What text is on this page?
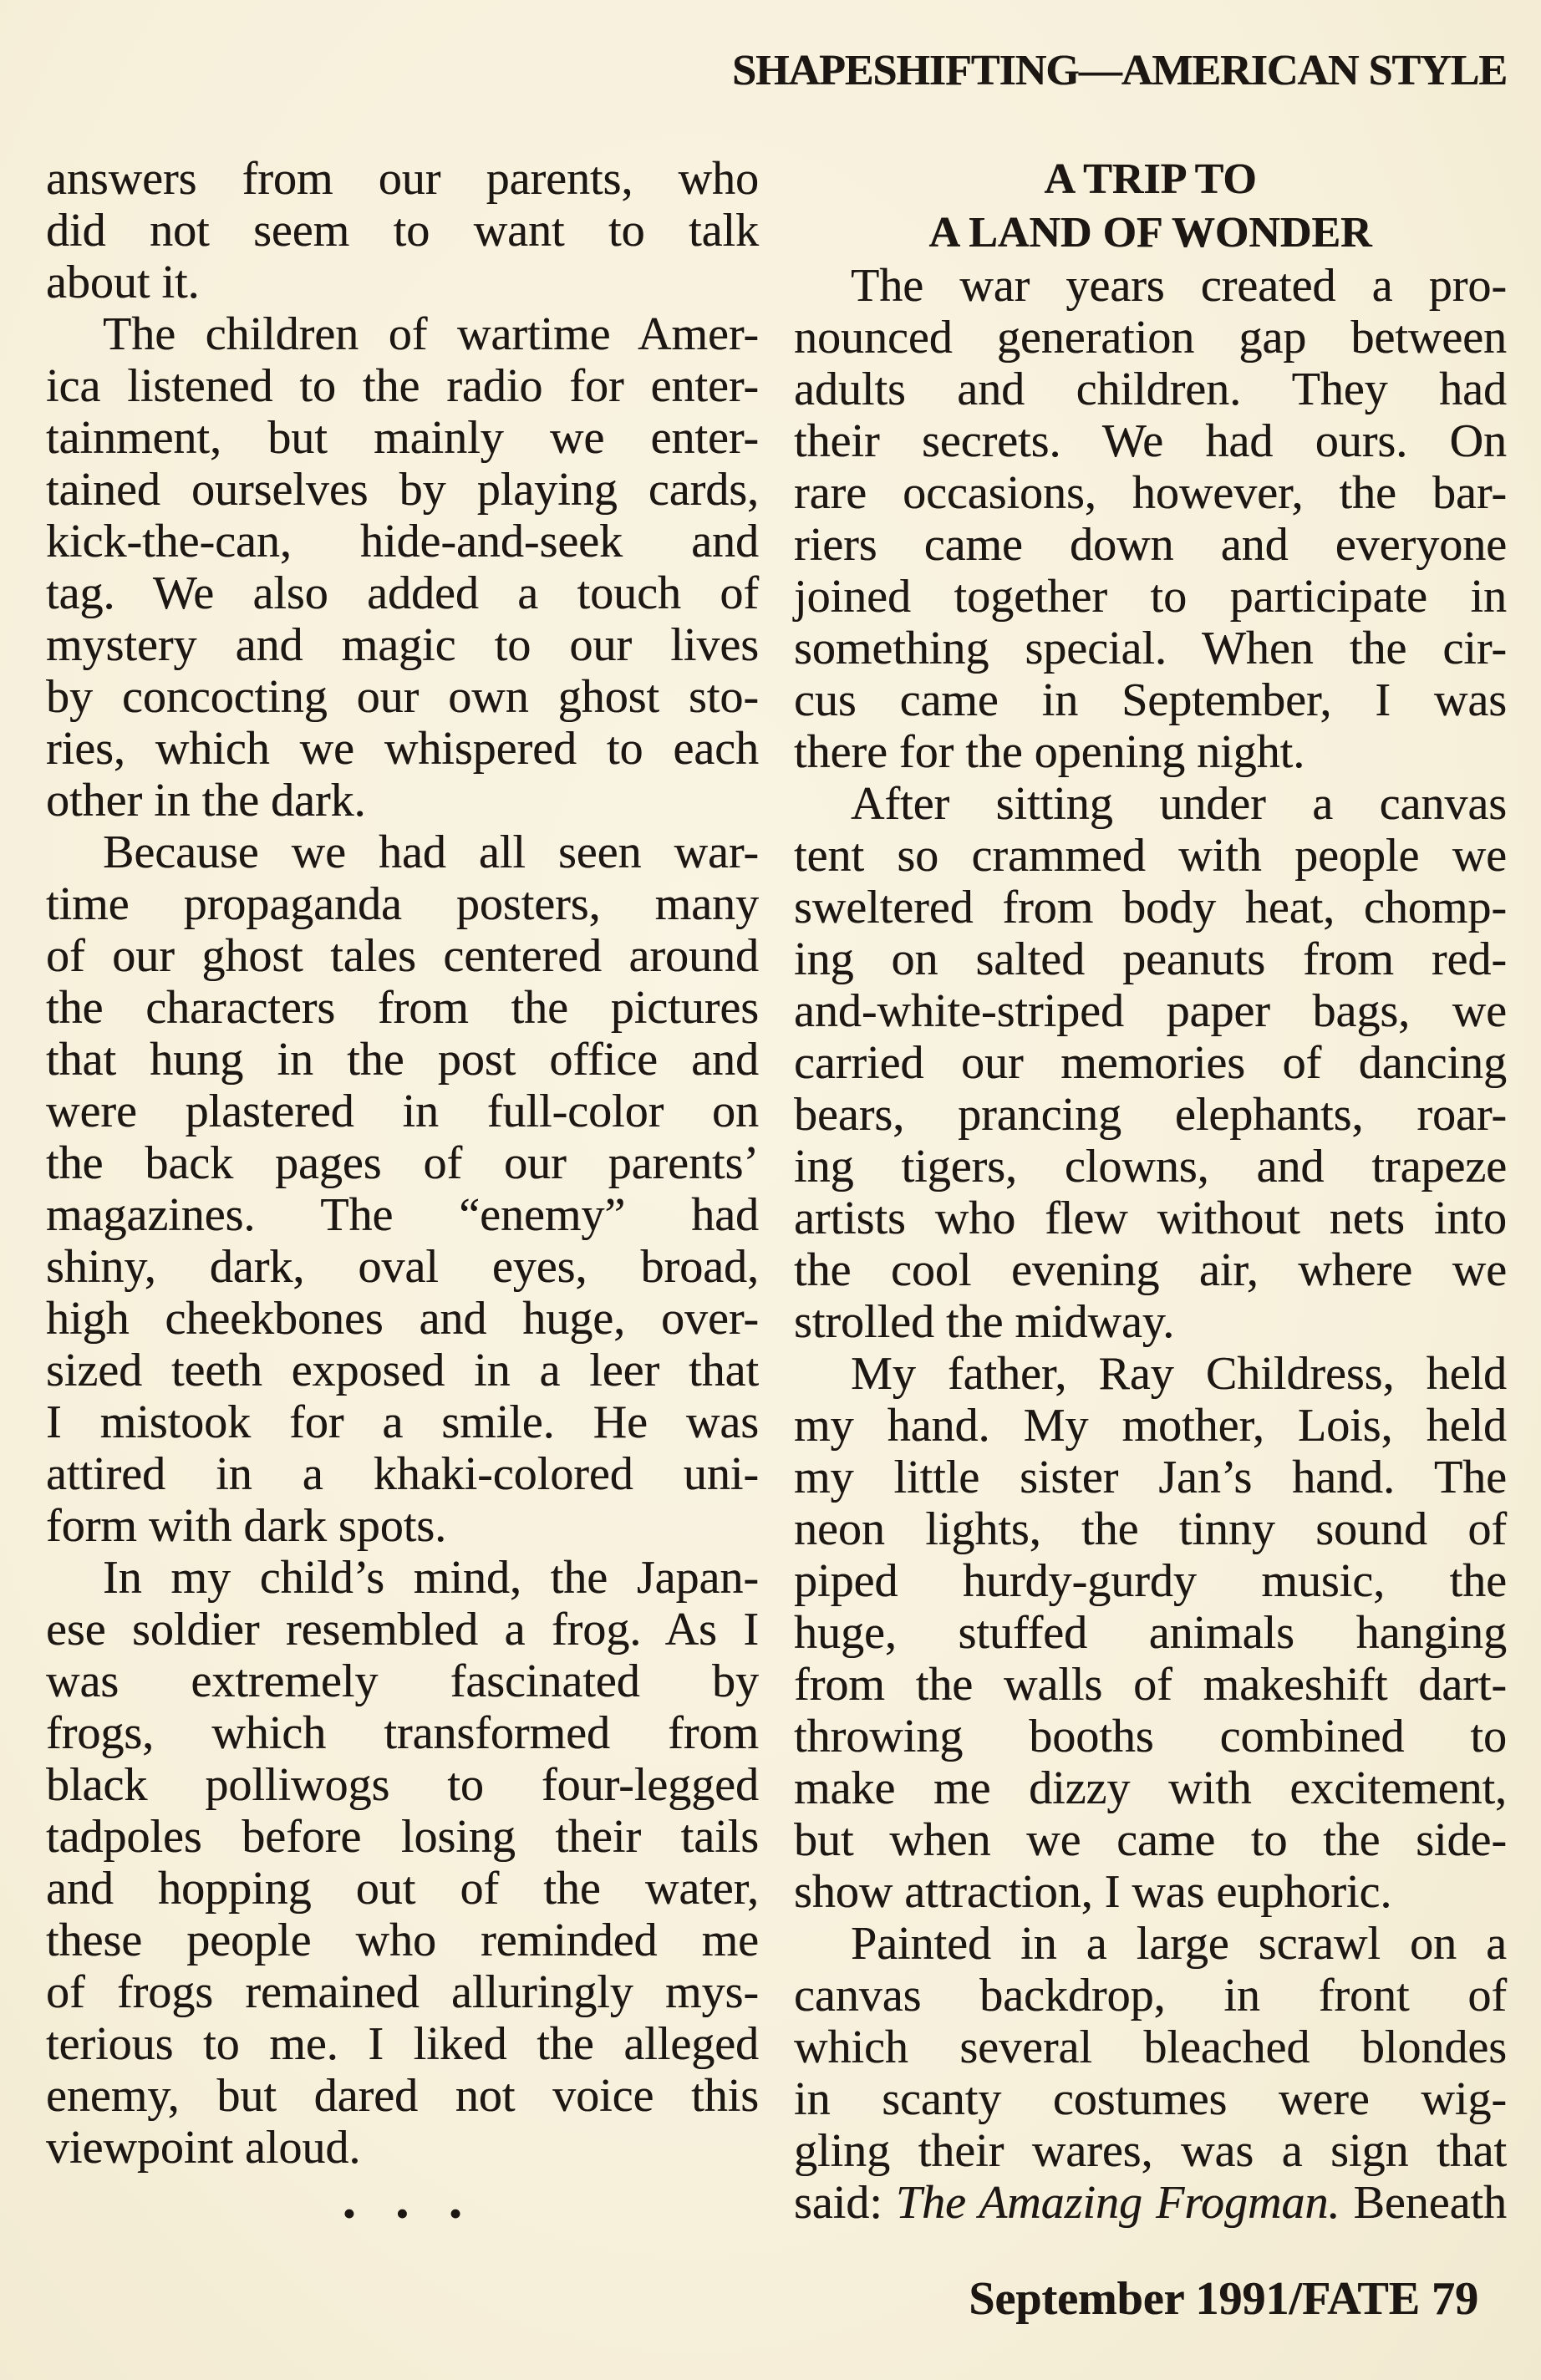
SHAPESHIFTING—AMERICAN STYLE
answers from our parents, who
did not seem to want to talk
about it.
The children of wartime Amer-
ica listened to the radio for enter-
tainment, but mainly we enter-
tained ourselves by playing cards,
kick-the-can, hide-and-seek and
tag. We also added a touch of
mystery and magic to our lives
by concocting our own ghost sto-
ries, which we whispered to each
other in the dark.
Because we had all seen war-
time propaganda posters, many
of our ghost tales centered around
the characters from the pictures
that hung in the post office and
were plastered in full-color on
the back pages of our parents’
magazines. The “enemy” had
shiny, dark, oval eyes, broad,
high cheekbones and huge, over-
sized teeth exposed in a leer that
I mistook for a smile. He was
attired in a khaki-colored uni-
form with dark spots.
In my child’s mind, the Japan-
ese soldier resembled a frog. As I
was extremely fascinated by
frogs, which transformed from
black polliwogs to four-legged
tadpoles before losing their tails
and hopping out of the water,
these people who reminded me
of frogs remained alluringly mys-
terious to me. I liked the alleged
enemy, but dared not voice this
viewpoint aloud.
• • •
A TRIP TO
A LAND OF WONDER
The war years created a pro-
nounced generation gap between
adults and children. They had
their secrets. We had ours. On
rare occasions, however, the bar-
riers came down and everyone
joined together to participate in
something special. When the cir-
cus came in September, I was
there for the opening night.
After sitting under a canvas
tent so crammed with people we
sweltered from body heat, chomp-
ing on salted peanuts from red-
and-white-striped paper bags, we
carried our memories of dancing
bears, prancing elephants, roar-
ing tigers, clowns, and trapeze
artists who flew without nets into
the cool evening air, where we
strolled the midway.
My father, Ray Childress, held
my hand. My mother, Lois, held
my little sister Jan’s hand. The
neon lights, the tinny sound of
piped hurdy-gurdy music, the
huge, stuffed animals hanging
from the walls of makeshift dart-
throwing booths combined to
make me dizzy with excitement,
but when we came to the side-
show attraction, I was euphoric.
Painted in a large scrawl on a
canvas backdrop, in front of
which several bleached blondes
in scanty costumes were wig-
gling their wares, was a sign that
said: The Amazing Frogman. Beneath
September 1991/FATE 79
